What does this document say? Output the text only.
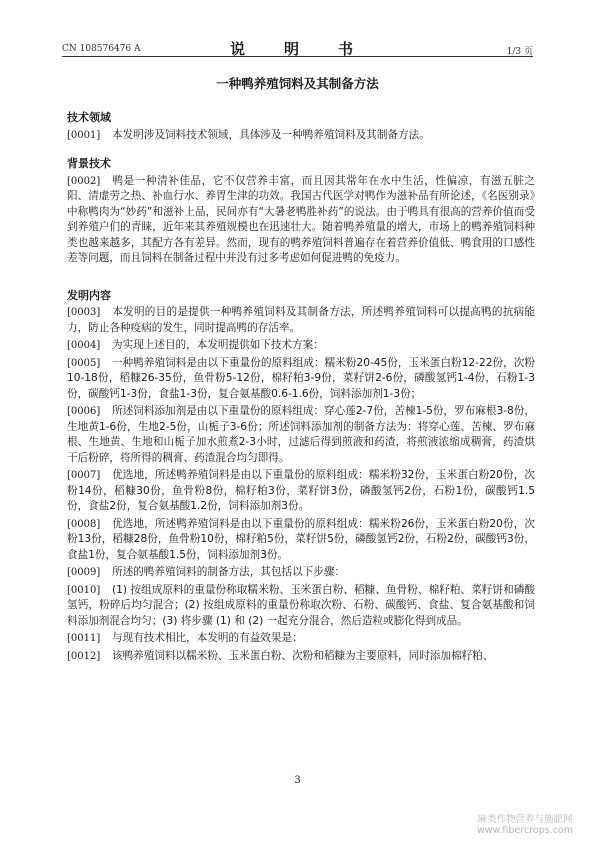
CN 108576476 A	说　明　书	1/3 页
一种鸭养殖饲料及其制备方法
技术领域

[0001] 本发明涉及饲料技术领域，具体涉及一种鸭养殖饲料及其制备方法。

背景技术

[0002] 鸭是一种清补佳品，它不仅营养丰富，而且因其常年在水中生活，性偏凉，有滋五脏之阳、清虚劳之热、补血行水、养胃生津的功效。我国古代医学对鸭作为滋补品有所论述，《名医别录》中称鸭肉为“妙药”和滋补上品，民间亦有“大暑老鸭胜补药”的说法。由于鸭具有很高的营养价值而受到养殖户们的青睐，近年来其养殖规模也在迅速壮大。随着鸭养殖量的增大，市场上的鸭养殖饲料种类也越来越多，其配方各有差异。然而，现有的鸭养殖饲料普遍存在着营养价值低、鸭食用的口感性差等问题，而且饲料在制备过程中并没有过多考虑如何促进鸭的免疫力。

发明内容

[0003] 本发明的目的是提供一种鸭养殖饲料及其制备方法，所述鸭养殖饲料可以提高鸭的抗病能力，防止各种疫病的发生，同时提高鸭的存活率。

[0004] 为实现上述目的，本发明提供如下技术方案：

[0005] 一种鸭养殖饲料是由以下重量份的原料组成：糯米粉20-45份，玉米蛋白粉12-22份，次粉10-18份，稻糠26-35份，鱼骨粉5-12份，棉籽粕3-9份，菜籽饼2-6份，磷酸氢钙1-4份，石粉1-3份，碳酸钙1-3份，食盐1-3份，复合氨基酸0.6-1.6份，饲料添加剂1-3份；

[0006] 所述饲料添加剂是由以下重量份的原料组成：穿心莲2-7份，苦楝1-5份，罗布麻根3-8份，生地黄1-6份，生地2-5份，山栀子3-6份；所述饲料添加剂的制备方法为：将穿心莲、苦楝、罗布麻根、生地黄、生地和山栀子加水煎煮2-3小时，过滤后得到煎液和药渣，将煎液浓缩成稠膏，药渣烘干后粉碎，将所得的稠膏、药渣混合均匀即得。

[0007] 优选地，所述鸭养殖饲料是由以下重量份的原料组成：糯米粉32份，玉米蛋白粉20份，次粉14份，稻糠30份，鱼骨粉8份，棉籽粕3份，菜籽饼3份，磷酸氢钙2份，石粉1份，碳酸钙1.5份，食盐2份，复合氨基酸1.2份，饲料添加剂3份。

[0008] 优选地，所述鸭养殖饲料是由以下重量份的原料组成：糯米粉26份，玉米蛋白粉20份，次粉13份，稻糠28份，鱼骨粉10份，棉籽粕5份，菜籽饼5份，磷酸氢钙2份，石粉2份，碳酸钙3份，食盐1份，复合氨基酸1.5份，饲料添加剂3份。

[0009] 所述的鸭养殖饲料的制备方法，其包括以下步骤：

[0010] (1) 按组成原料的重量份称取糯米粉、玉米蛋白粉、稻糠、鱼骨粉、棉籽粕、菜籽饼和磷酸氢钙，粉碎后均匀混合；(2) 按组成原料的重量份称取次粉、石粉、碳酸钙、食盐、复合氨基酸和饲料添加剂混合均匀；(3) 将步骤 (1) 和 (2) 一起充分混合，然后造粒或膨化得到成品。

[0011] 与现有技术相比，本发明的有益效果是：

[0012] 该鸭养殖饲料以糯米粉、玉米蛋白粉、次粉和稻糠为主要原料，同时添加棉籽粕、

3
麻类作物营养与施肥网
www.fibercrops.com
